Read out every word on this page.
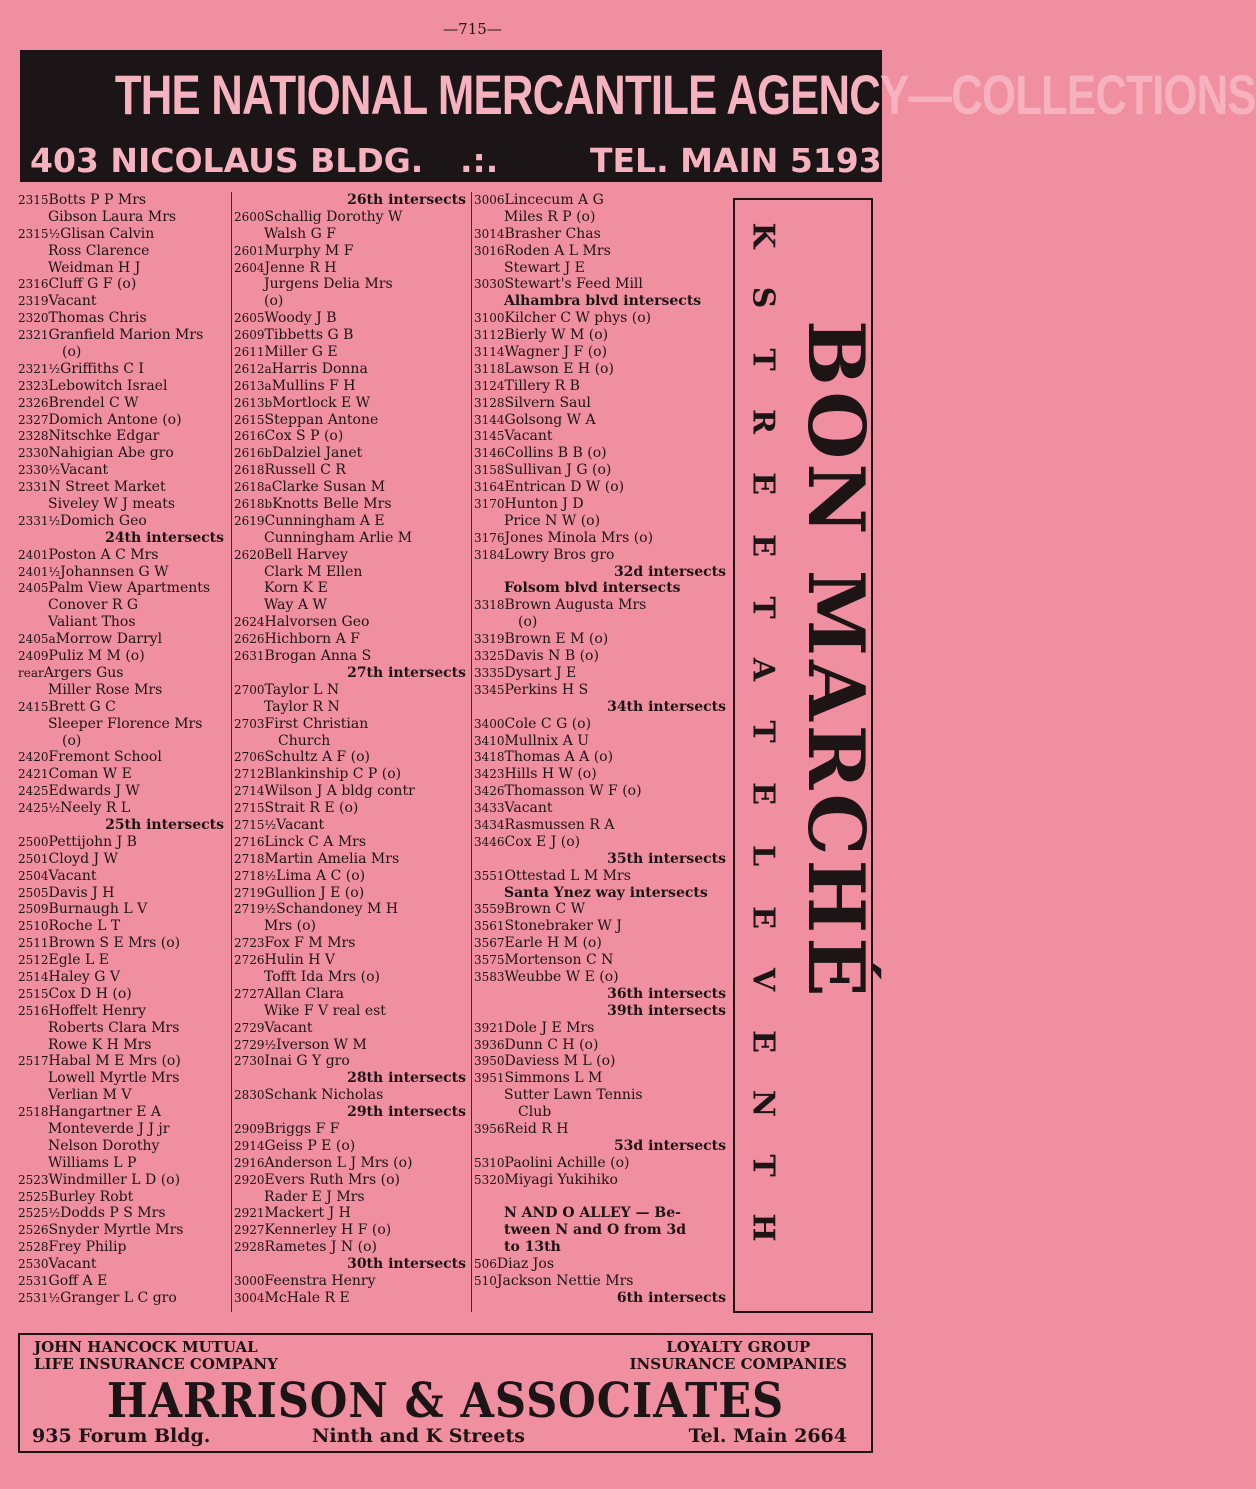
—715—
THE NATIONAL MERCANTILE AGENCY—COLLECTIONS
403 NICOLAUS BLDG. .:.	TEL. MAIN 5193
2315Botts P P Mrs
Gibson Laura Mrs
2315½Glisan Calvin
Ross Clarence
Weidman H J
2316Cluff G F (o)
2319Vacant
2320Thomas Chris
2321Granfield Marion Mrs
(o)
2321½Griffiths C I
2323Lebowitch Israel
2326Brendel C W
2327Domich Antone (o)
2328Nitschke Edgar
2330Nahigian Abe gro
2330½Vacant
2331N Street Market
Siveley W J meats
2331½Domich Geo
24th intersects
2401Poston A C Mrs
2401½Johannsen G W
2405Palm View Apartments
Conover R G
Valiant Thos
2405aMorrow Darryl
2409Puliz M M (o)
rearArgers Gus
Miller Rose Mrs
2415Brett G C
Sleeper Florence Mrs
(o)
2420Fremont School
2421Coman W E
2425Edwards J W
2425½Neely R L
25th intersects
2500Pettijohn J B
2501Cloyd J W
2504Vacant
2505Davis J H
2509Burnaugh L V
2510Roche L T
2511Brown S E Mrs (o)
2512Egle L E
2514Haley G V
2515Cox D H (o)
2516Hoffelt Henry
Roberts Clara Mrs
Rowe K H Mrs
2517Habal M E Mrs (o)
Lowell Myrtle Mrs
Verlian M V
2518Hangartner E A
Monteverde J J jr
Nelson Dorothy
Williams L P
2523Windmiller L D (o)
2525Burley Robt
2525½Dodds P S Mrs
2526Snyder Myrtle Mrs
2528Frey Philip
2530Vacant
2531Goff A E
2531½Granger L C gro
26th intersects
2600Schallig Dorothy W
Walsh G F
2601Murphy M F
2604Jenne R H
Jurgens Delia Mrs
(o)
2605Woody J B
2609Tibbetts G B
2611Miller G E
2612aHarris Donna
2613aMullins F H
2613bMortlock E W
2615Steppan Antone
2616Cox S P (o)
2616bDalziel Janet
2618Russell C R
2618aClarke Susan M
2618bKnotts Belle Mrs
2619Cunningham A E
Cunningham Arlie M
2620Bell Harvey
Clark M Ellen
Korn K E
Way A W
2624Halvorsen Geo
2626Hichborn A F
2631Brogan Anna S
27th intersects
2700Taylor L N
Taylor R N
2703First Christian
Church
2706Schultz A F (o)
2712Blankinship C P (o)
2714Wilson J A bldg contr
2715Strait R E (o)
2715½Vacant
2716Linck C A Mrs
2718Martin Amelia Mrs
2718½Lima A C (o)
2719Gullion J E (o)
2719½Schandoney M H
Mrs (o)
2723Fox F M Mrs
2726Hulin H V
Tofft Ida Mrs (o)
2727Allan Clara
Wike F V real est
2729Vacant
2729½Iverson W M
2730Inai G Y gro
28th intersects
2830Schank Nicholas
29th intersects
2909Briggs F F
2914Geiss P E (o)
2916Anderson L J Mrs (o)
2920Evers Ruth Mrs (o)
Rader E J Mrs
2921Mackert J H
2927Kennerley H F (o)
2928Rametes J N (o)
30th intersects
3000Feenstra Henry
3004McHale R E
3006Lincecum A G
Miles R P (o)
3014Brasher Chas
3016Roden A L Mrs
Stewart J E
3030Stewart's Feed Mill
Alhambra blvd intersects
3100Kilcher C W phys (o)
3112Bierly W M (o)
3114Wagner J F (o)
3118Lawson E H (o)
3124Tillery R B
3128Silvern Saul
3144Golsong W A
3145Vacant
3146Collins B B (o)
3158Sullivan J G (o)
3164Entrican D W (o)
3170Hunton J D
Price N W (o)
3176Jones Minola Mrs (o)
3184Lowry Bros gro
32d intersects
Folsom blvd intersects
3318Brown Augusta Mrs
(o)
3319Brown E M (o)
3325Davis N B (o)
3335Dysart J E
3345Perkins H S
34th intersects
3400Cole C G (o)
3410Mullnix A U
3418Thomas A A (o)
3423Hills H W (o)
3426Thomasson W F (o)
3433Vacant
3434Rasmussen R A
3446Cox E J (o)
35th intersects
3551Ottestad L M Mrs
Santa Ynez way intersects
3559Brown C W
3561Stonebraker W J
3567Earle H M (o)
3575Mortenson C N
3583Weubbe W E (o)
36th intersects
39th intersects
3921Dole J E Mrs
3936Dunn C H (o)
3950Daviess M L (o)
3951Simmons L M
Sutter Lawn Tennis
Club
3956Reid R H
53d intersects
5310Paolini Achille (o)
5320Miyagi Yukihiko
N AND O ALLEY — Be-
tween N and O from 3d
to 13th
506Diaz Jos
510Jackson Nettie Mrs
6th intersects
K
S
T
R
E
E
T
A
T
E
L
E
V
E
N
T
H
BON MARCHÉ
JOHN HANCOCK MUTUAL
LIFE INSURANCE COMPANY
LOYALTY GROUP
INSURANCE COMPANIES
HARRISON & ASSOCIATES
935 Forum Bldg.	Ninth and K Streets	Tel. Main 2664
